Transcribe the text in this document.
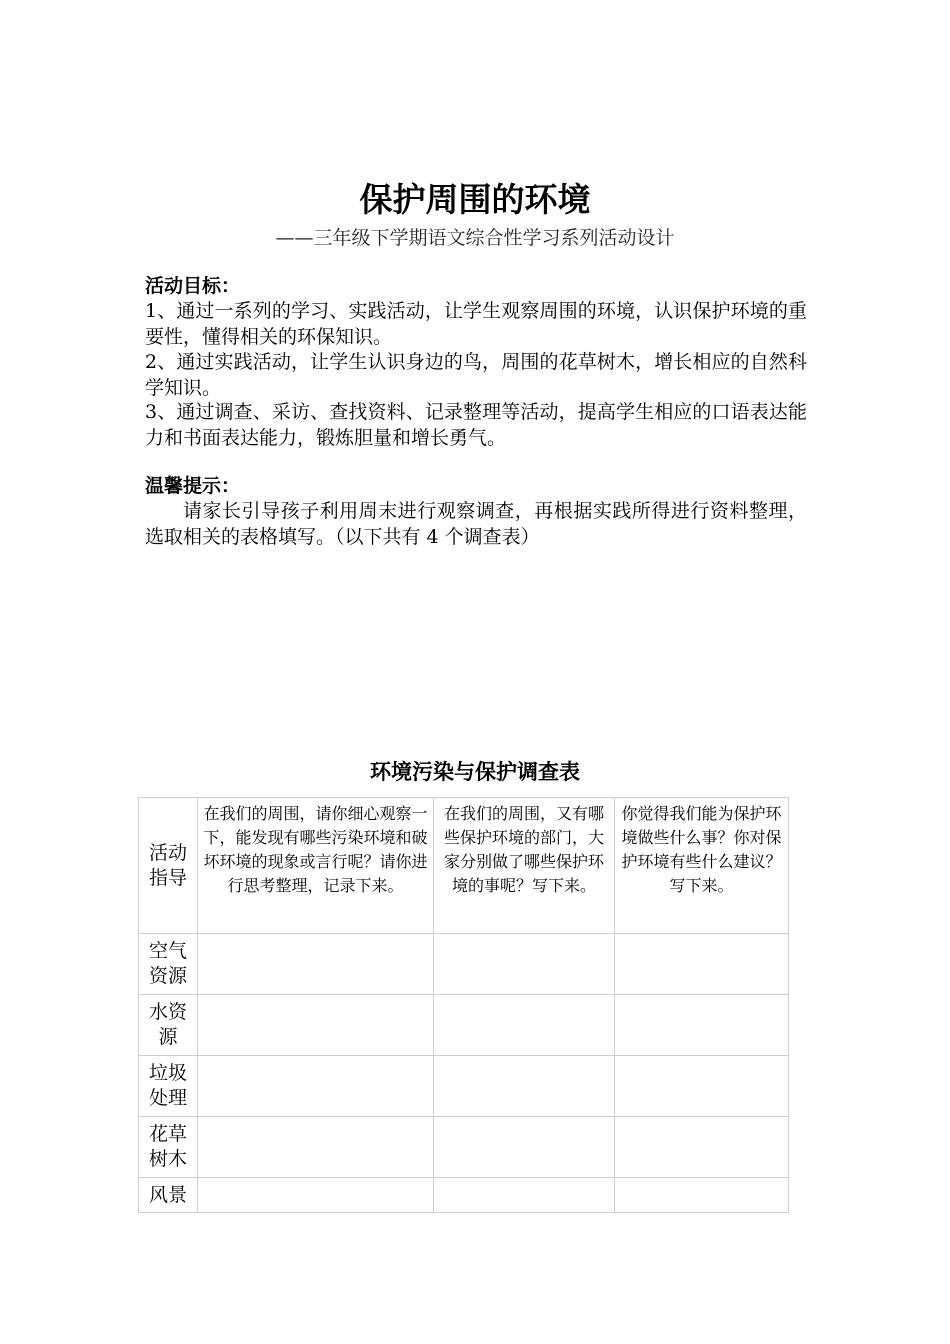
保护周围的环境
——三年级下学期语文综合性学习系列活动设计
活动目标：

1、通过一系列的学习、实践活动，让学生观察周围的环境，认识保护环境的重要性，懂得相关的环保知识。

2、通过实践活动，让学生认识身边的鸟，周围的花草树木，增长相应的自然科学知识。

3、通过调查、采访、查找资料、记录整理等活动，提高学生相应的口语表达能力和书面表达能力，锻炼胆量和增长勇气。

温馨提示：

请家长引导孩子利用周末进行观察调查，再根据实践所得进行资料整理，选取相关的表格填写。（以下共有 4 个调查表）

环境污染与保护调查表
活动指导	在我们的周围，请你细心观察一下，能发现有哪些污染环境和破坏环境的现象或言行呢？请你进行思考整理，记录下来。	在我们的周围，又有哪些保护环境的部门，大家分别做了哪些保护环境的事呢？写下来。	你觉得我们能为保护环境做些什么事？你对保护环境有些什么建议？写下来。
空气资源			
水资源			
垃圾处理			
花草树木			
风景			
